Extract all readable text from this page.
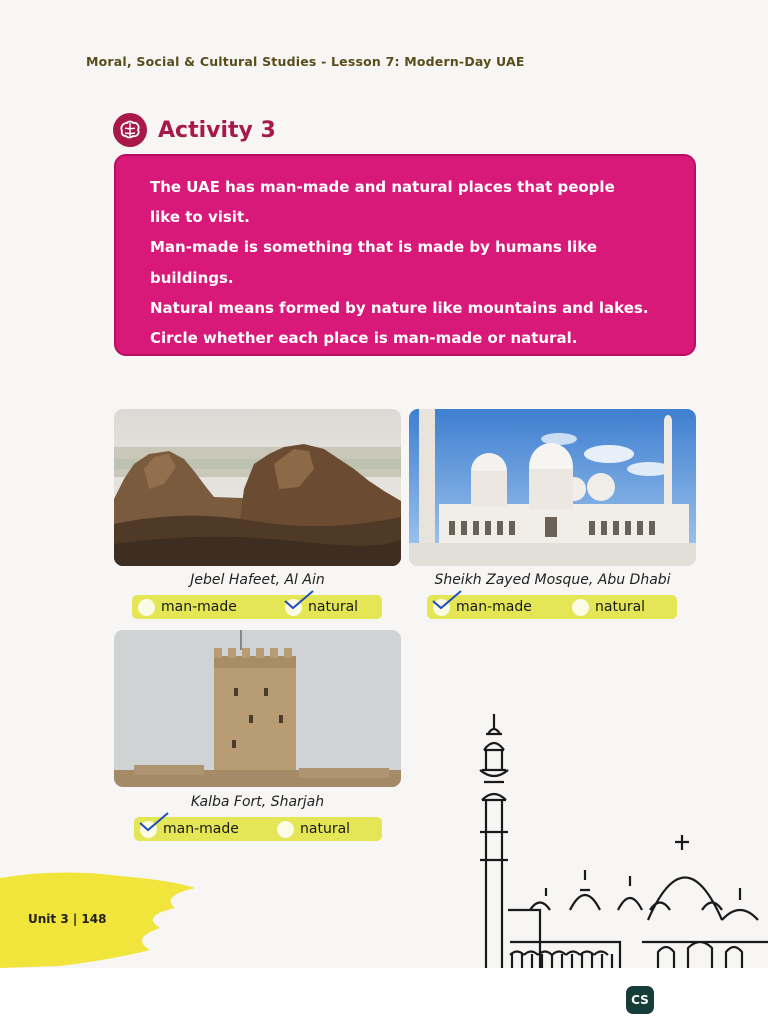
Moral, Social & Cultural Studies - Lesson 7: Modern-Day UAE
Activity 3

The UAE has man-made and natural places that people

like to visit.

Man-made is something that is made by humans like

buildings.

Natural means formed by nature like mountains and lakes.

Circle whether each place is man-made or natural.

Jebel Hafeet, Al Ain
man-made	natural
Sheikh Zayed Mosque, Abu Dhabi
man-made	natural
Kalba Fort, Sharjah
man-made	natural
Unit 3 | 148
CS
